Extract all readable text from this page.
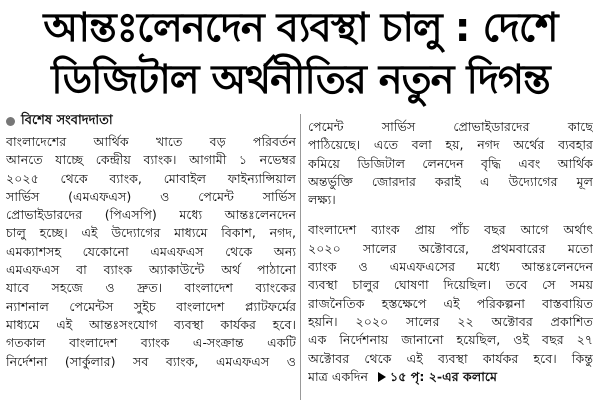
আন্তঃলেনদেন ব্যবস্থা চালু : দেশে
ডিজিটাল অর্থনীতির নতুন দিগন্ত
বিশেষ সংবাদদাতা
বাংলাদেশের আর্থিক খাতে বড় পরিবর্তন
আনতে যাচ্ছে কেন্দ্রীয় ব্যাংক। আগামী ১ নভেম্বর
২০২৫ থেকে ব্যাংক, মোবাইল ফাইন্যান্সিয়াল
সার্ভিস (এমএফএস) ও পেমেন্ট সার্ভিস
প্রোভাইডারদের (পিএসপি) মধ্যে আন্তঃলেনদেন
চালু হচ্ছে। এই উদ্যোগের মাধ্যমে বিকাশ, নগদ,
এমক্যাশসহ যেকোনো এমএফএস থেকে অন্য
এমএফএস বা ব্যাংক অ্যাকাউন্টে অর্থ পাঠানো
যাবে সহজে ও দ্রুত। বাংলাদেশ ব্যাংকের
ন্যাশনাল পেমেন্টস সুইচ বাংলাদেশ প্ল্যাটফর্মের
মাধ্যমে এই আন্তঃসংযোগ ব্যবস্থা কার্যকর হবে।
গতকাল বাংলাদেশ ব্যাংক এ-সংক্রান্ত একটি
নির্দেশনা (সার্কুলার) সব ব্যাংক, এমএফএস ও
পেমেন্ট সার্ভিস প্রোভাইডারদের কাছে
পাঠিয়েছে। এতে বলা হয়, নগদ অর্থের ব্যবহার
কমিয়ে ডিজিটাল লেনদেন বৃদ্ধি এবং আর্থিক
অন্তর্ভুক্তি জোরদার করাই এ উদ্যোগের মূল
লক্ষ্য।
বাংলাদেশ ব্যাংক প্রায় পাঁচ বছর আগে অর্থাৎ
২০২০ সালের অক্টোবরে, প্রথমবারের মতো
ব্যাংক ও এমএফএসের মধ্যে আন্তঃলেনদেন
ব্যবস্থা চালুর ঘোষণা দিয়েছিল। তবে সে সময়
রাজনৈতিক হস্তক্ষেপে এই পরিকল্পনা বাস্তবায়িত
হয়নি। ২০২০ সালের ২২ অক্টোবর প্রকাশিত
এক নির্দেশনায় জানানো হয়েছিল, ওই বছর ২৭
অক্টোবর থেকে এই ব্যবস্থা কার্যকর হবে। কিন্তু
মাত্র একদিন ১৫ পৃ: ২-এর কলামে
